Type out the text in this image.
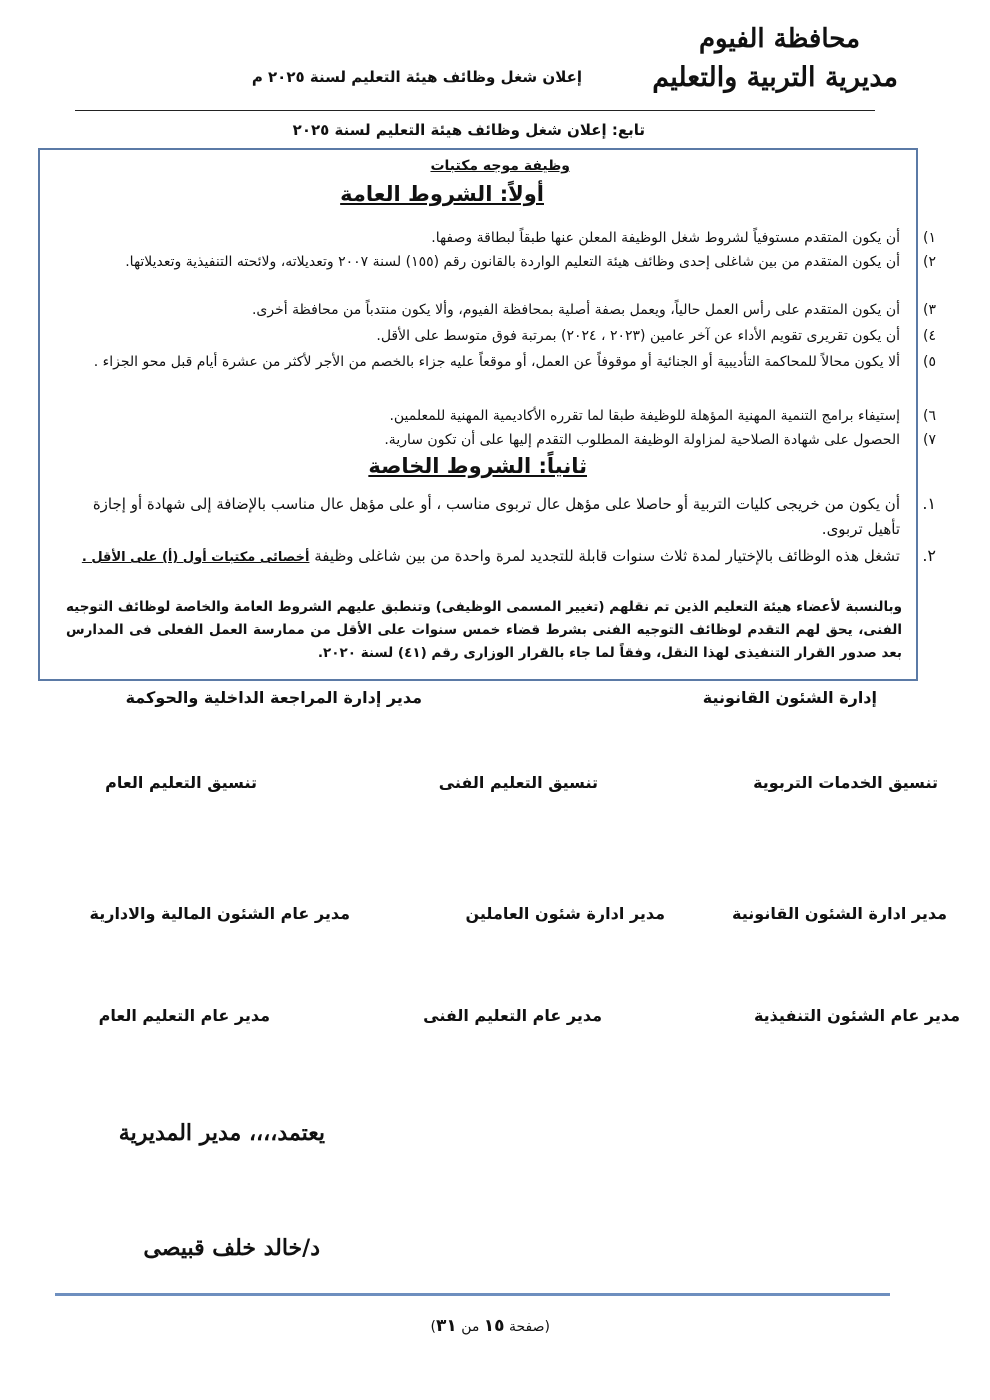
محافظة الفيوم
مديرية التربية والتعليم
إعلان شغل وظائف هيئة التعليم لسنة ٢٠٢٥ م
تابع: إعلان شغل وظائف هيئة التعليم لسنة ٢٠٢٥
وظيفة موجه مكتبات
أولاً: الشروط العامة
١)
أن يكون المتقدم مستوفياً لشروط شغل الوظيفة المعلن عنها طبقاً لبطاقة وصفها.
٢)
أن يكون المتقدم من بين شاغلى إحدى وظائف هيئة التعليم الواردة بالقانون رقم (١٥٥) لسنة ٢٠٠٧ وتعديلاته، ولائحته التنفيذية وتعديلاتها.
٣)
أن يكون المتقدم على رأس العمل حالياً، ويعمل بصفة أصلية بمحافظة الفيوم، وألا يكون منتدباً من محافظة أخرى.
٤)
أن يكون تقريرى تقويم الأداء عن آخر عامين (٢٠٢٣ ، ٢٠٢٤) بمرتبة فوق متوسط على الأقل.
٥)
ألا يكون محالاً للمحاكمة التأديبية أو الجنائية أو موقوفاً عن العمل، أو موقعاً عليه جزاء بالخصم من الأجر لأكثر من عشرة أيام قبل محو الجزاء .
٦)
إستيفاء برامج التنمية المهنية المؤهلة للوظيفة طبقا لما تقرره الأكاديمية المهنية للمعلمين.
٧)
الحصول على شهادة الصلاحية لمزاولة الوظيفة المطلوب التقدم إليها على أن تكون سارية.
ثانياً: الشروط الخاصة
١.
أن يكون من خريجى كليات التربية أو حاصلا على مؤهل عال تربوى مناسب ، أو على مؤهل عال مناسب بالإضافة إلى شهادة أو إجازة تأهيل تربوى.
٢.
تشغل هذه الوظائف بالإختيار لمدة ثلاث سنوات قابلة للتجديد لمرة واحدة من بين شاغلى وظيفة أخصائى مكتبات أول (أ) على الأقل .
وبالنسبة لأعضاء هيئة التعليم الذين تم نقلهم (تغيير المسمى الوظيفى) وتنطبق عليهم الشروط العامة والخاصة لوظائف التوجيه الفنى، يحق لهم التقدم لوظائف التوجيه الفنى بشرط قضاء خمس سنوات على الأقل من ممارسة العمل الفعلى فى المدارس بعد صدور القرار التنفيذى لهذا النقل، وفقاً لما جاء بالقرار الوزارى رقم (٤١) لسنة ٢٠٢٠.
إدارة الشئون القانونية
مدير إدارة المراجعة الداخلية والحوكمة
تنسيق الخدمات التربوية
تنسيق التعليم الفنى
تنسيق التعليم العام
مدير ادارة الشئون القانونية
مدير ادارة شئون العاملين
مدير عام الشئون المالية والادارية
مدير عام الشئون التنفيذية
مدير عام التعليم الفنى
مدير عام التعليم العام
يعتمد،،،، مدير المديرية
د/خالد خلف قبيصى
(صفحة ١٥ من ٣١)
